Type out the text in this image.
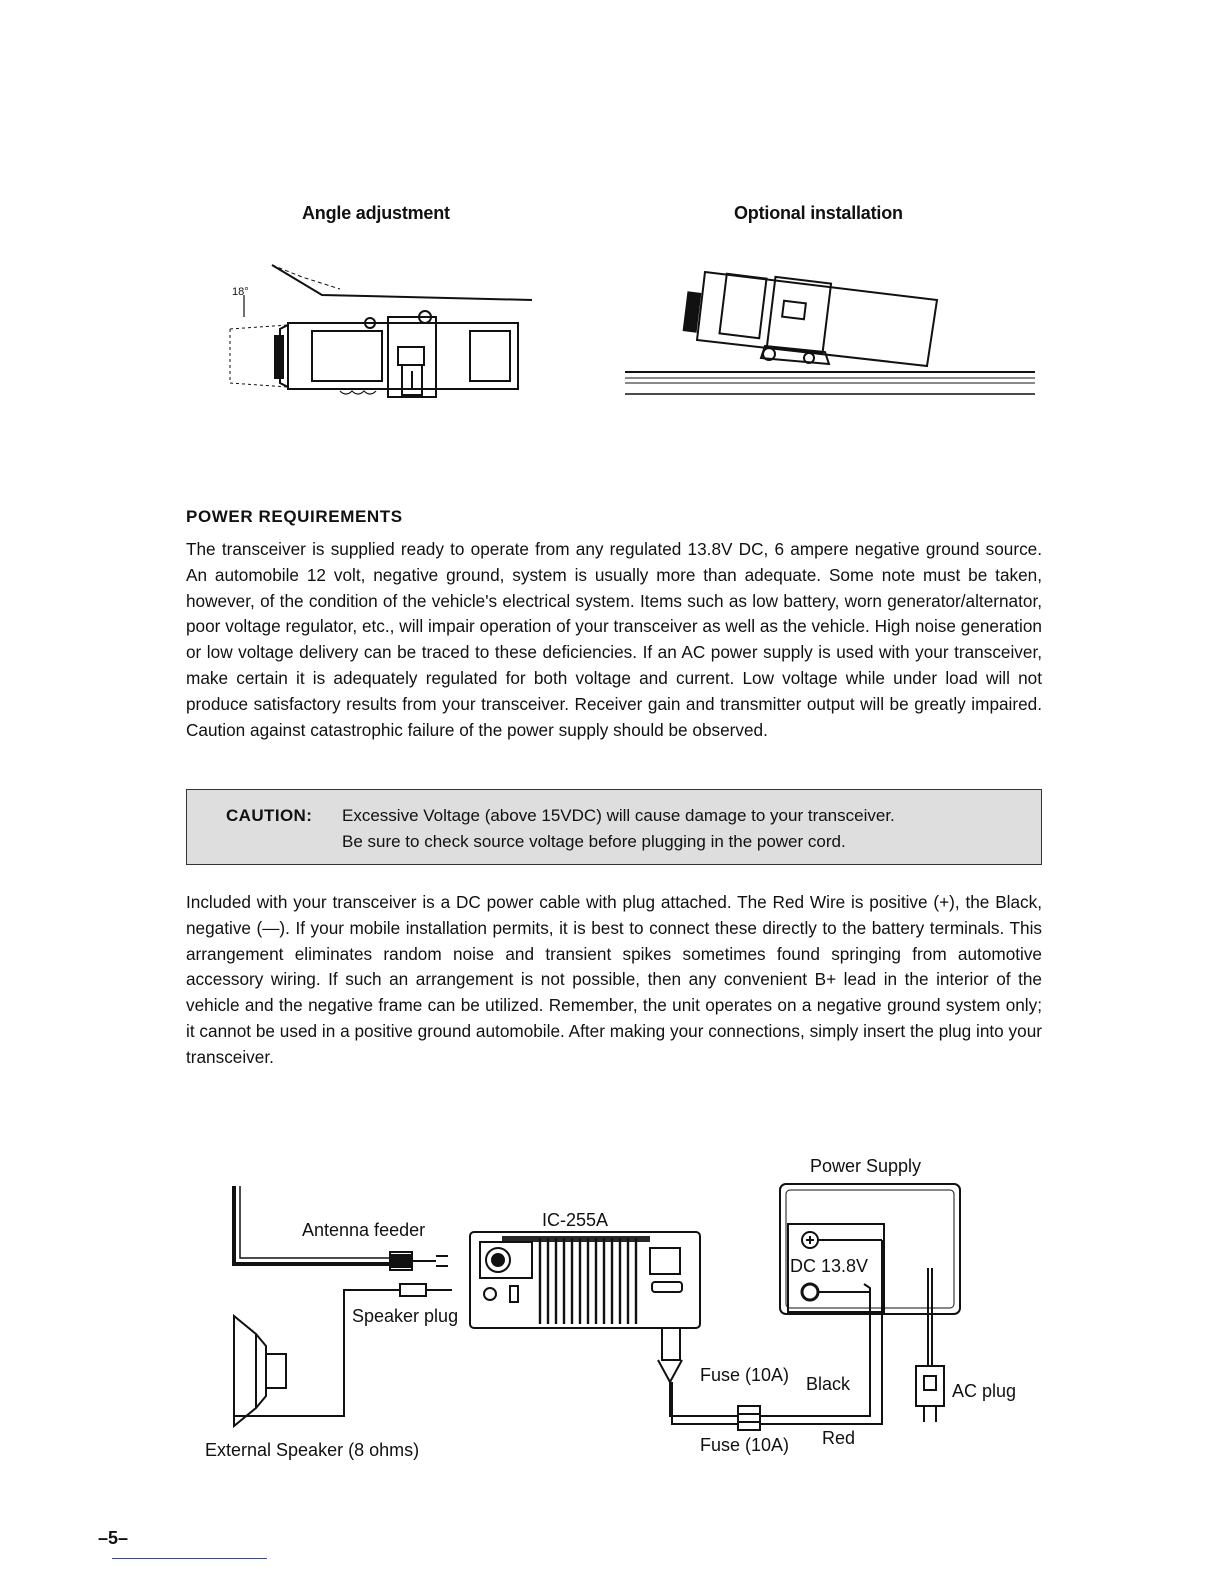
Angle adjustment	Optional installation
18°
POWER REQUIREMENTS

The transceiver is supplied ready to operate from any regulated 13.8V DC, 6 ampere negative ground source. An automobile 12 volt, negative ground, system is usually more than adequate. Some note must be taken, however, of the condition of the vehicle's electrical system. Items such as low battery, worn generator/alternator, poor voltage regulator, etc., will impair operation of your transceiver as well as the vehicle. High noise generation or low voltage delivery can be traced to these deficiencies. If an AC power supply is used with your transceiver, make certain it is adequately regulated for both voltage and current. Low voltage while under load will not produce satisfactory results from your transceiver. Receiver gain and transmitter output will be greatly impaired. Caution against catastrophic failure of the power supply should be observed.

CAUTION: Excessive Voltage (above 15VDC) will cause damage to your transceiver.
Be sure to check source voltage before plugging in the power cord.

Included with your transceiver is a DC power cable with plug attached. The Red Wire is positive (+), the Black, negative (—). If your mobile installation permits, it is best to connect these directly to the battery terminals. This arrangement eliminates random noise and transient spikes sometimes found springing from automotive accessory wiring. If such an arrangement is not possible, then any convenient B+ lead in the interior of the vehicle and the negative frame can be utilized. Remember, the unit operates on a negative ground system only; it cannot be used in a positive ground automobile. After making your connections, simply insert the plug into your transceiver.

Antenna feeder	IC-255A
Power Supply
DC 13.8V
Speaker plug
Fuse (10A) Black	AC plug
Fuse (10A) Red
External Speaker (8 ohms)
–5–
